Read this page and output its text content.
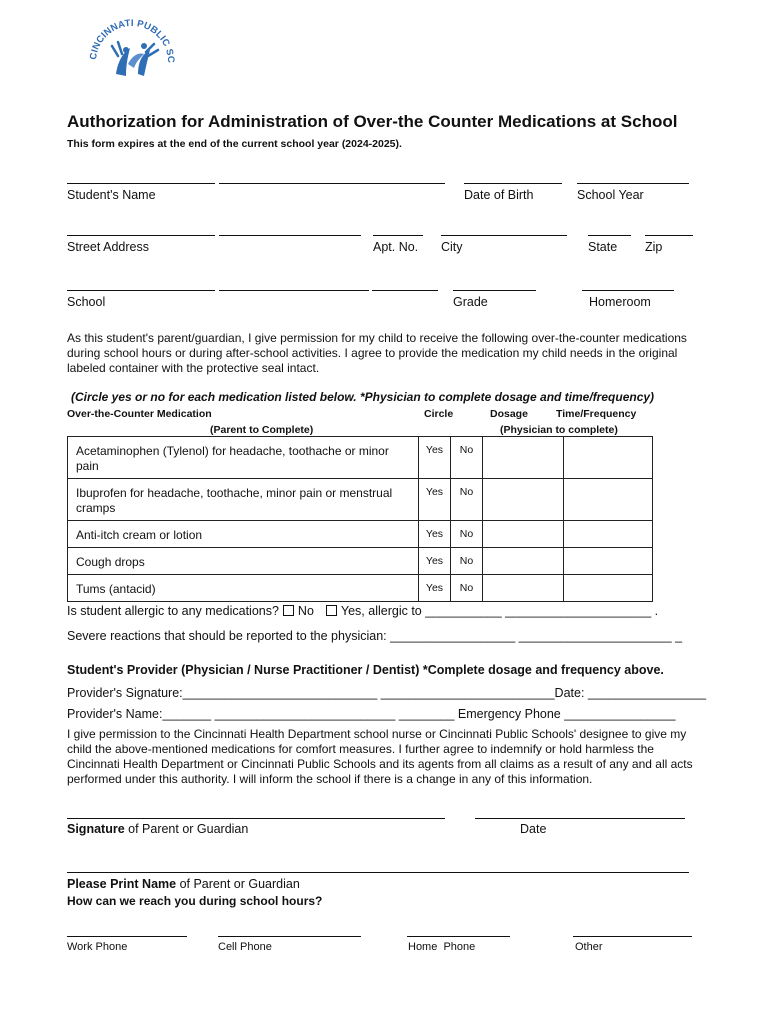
CINCINNATI PUBLIC SC
Authorization for Administration of Over-the Counter Medications at School
This form expires at the end of the current school year (2024-2025).
Student's Name	Date of Birth	School Year
Street Address	Apt. No. City	State Zip
School	Grade	Homeroom
As this student's parent/guardian, I give permission for my child to receive the following over-the-counter medications during school hours or during after-school activities. I agree to provide the medication my child needs in the original labeled container with the protective seal intact.
(Circle yes or no for each medication listed below. *Physician to complete dosage and time/frequency)
Over-the-Counter Medication
(Parent to Complete)
Circle	Dosage	Time/Frequency
(Physician to complete)
Acetaminophen (Tylenol) for headache, toothache or minor pain	Yes	No		
Ibuprofen for headache, toothache, minor pain or menstrual cramps	Yes	No		
Anti-itch cream or lotion	Yes	No		
Cough drops	Yes	No		
Tums (antacid)	Yes	No		
Is student allergic to any medications? No Yes, allergic to ___________ _____________________ .
Severe reactions that should be reported to the physician: __________________ ______________________ _
Student's Provider (Physician / Nurse Practitioner / Dentist) *Complete dosage and frequency above.
Provider's Signature:____________________________ _________________________Date: _________________
Provider's Name:_______ __________________________ ________ Emergency Phone ________________
I give permission to the Cincinnati Health Department school nurse or Cincinnati Public Schools' designee to give my child the above-mentioned medications for comfort measures. I further agree to indemnify or hold harmless the Cincinnati Health Department or Cincinnati Public Schools and its agents from all claims as a result of any and all acts performed under this authority. I will inform the school if there is a change in any of this information.
Signature of Parent or Guardian	Date
Please Print Name of Parent or Guardian
How can we reach you during school hours?
Work Phone	Cell Phone	Home  Phone	Other
